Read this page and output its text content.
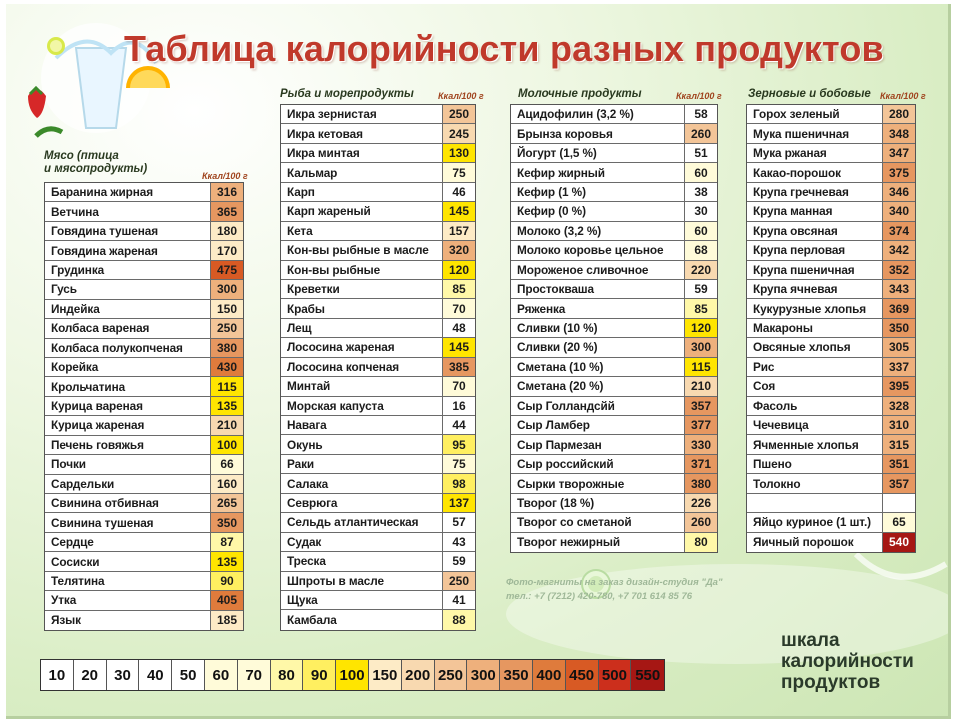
Таблица калорийности разных продуктов
Фото-магниты на заказ дизайн-студия "Да"
тел.: +7 (7212) 420-780, +7 701 614 85 76
Мясо (птица
и мясопродукты)
Ккал/100 г
Рыба и морепродукты	Ккал/100 г	Молочные продукты	Ккал/100 г Зерновые и бобовые Ккал/100 г
Баранина жирная	316
Ветчина	365
Говядина тушеная	180
Говядина жареная	170
Грудинка	475
Гусь	300
Индейка	150
Колбаса вареная	250
Колбаса полукопченая	380
Корейка	430
Крольчатина	115
Курица вареная	135
Курица жареная	210
Печень говяжья	100
Почки	66
Сардельки	160
Свинина отбивная	265
Свинина тушеная	350
Сердце	87
Сосиски	135
Телятина	90
Утка	405
Язык	185
Икра зернистая	250
Икра кетовая	245
Икра минтая	130
Кальмар	75
Карп	46
Карп жареный	145
Кета	157
Кон-вы рыбные в масле	320
Кон-вы рыбные	120
Креветки	85
Крабы	70
Лещ	48
Лососина жареная	145
Лососина копченая	385
Минтай	70
Морская капуста	16
Навага	44
Окунь	95
Раки	75
Салака	98
Севрюга	137
Сельдь атлантическая	57
Судак	43
Треска	59
Шпроты в масле	250
Щука	41
Камбала	88
Ацидофилин (3,2 %)	58
Брынза коровья	260
Йогурт (1,5 %)	51
Кефир жирный	60
Кефир (1 %)	38
Кефир (0 %)	30
Молоко (3,2 %)	60
Молоко коровье цельное	68
Мороженое сливочное	220
Простокваша	59
Ряженка	85
Сливки (10 %)	120
Сливки (20 %)	300
Сметана (10 %)	115
Сметана (20 %)	210
Сыр Голландсйй	357
Сыр Ламбер	377
Сыр Пармезан	330
Сыр российский	371
Сырки творожные	380
Творог (18 %)	226
Творог со сметаной	260
Творог нежирный	80
Горох зеленый	280
Мука пшеничная	348
Мука ржаная	347
Какао-порошок	375
Крупа гречневая	346
Крупа манная	340
Крупа овсяная	374
Крупа перловая	342
Крупа пшеничная	352
Крупа ячневая	343
Кукурузные хлопья	369
Макароны	350
Овсяные хлопья	305
Рис	337
Соя	395
Фасоль	328
Чечевица	310
Ячменные хлопья	315
Пшено	351
Толокно	357
Яйцо куриное (1 шт.)	65
Яичный порошок	540
10	20	30	40	50	60	70	80	90 100 150 200 250 300 350 400 450 500 550
шкала
калорийности
продуктов
